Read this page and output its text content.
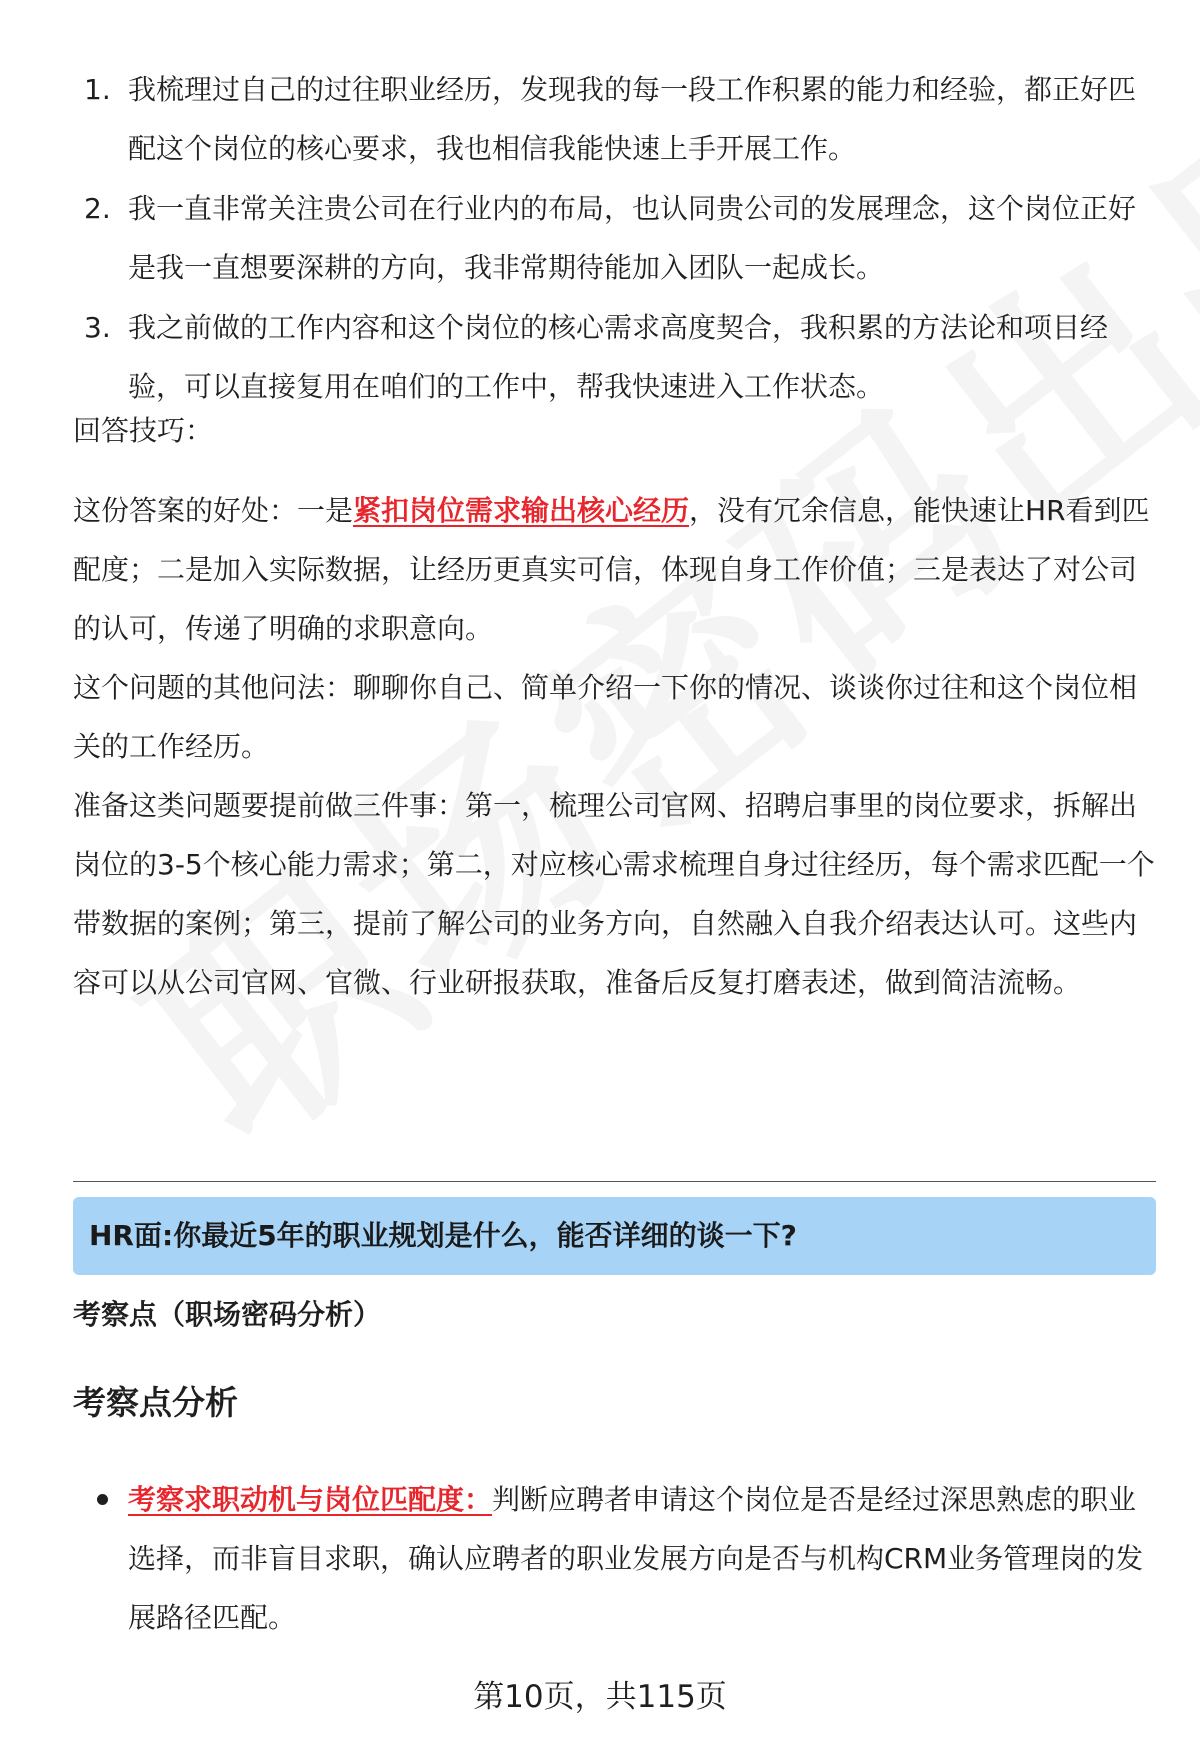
1. 我梳理过自己的过往职业经历，发现我的每一段工作积累的能力和经验，都正好匹配这个岗位的核心要求，我也相信我能快速上手开展工作。
2. 我一直非常关注贵公司在行业内的布局，也认同贵公司的发展理念，这个岗位正好是我一直想要深耕的方向，我非常期待能加入团队一起成长。
3. 我之前做的工作内容和这个岗位的核心需求高度契合，我积累的方法论和项目经验，可以直接复用在咱们的工作中，帮我快速进入工作状态。

回答技巧：

这份答案的好处：一是紧扣岗位需求输出核心经历，没有冗余信息，能快速让HR看到匹配度；二是加入实际数据，让经历更真实可信，体现自身工作价值；三是表达了对公司的认可，传递了明确的求职意向。

这个问题的其他问法：聊聊你自己、简单介绍一下你的情况、谈谈你过往和这个岗位相关的工作经历。

准备这类问题要提前做三件事：第一，梳理公司官网、招聘启事里的岗位要求，拆解出岗位的3-5个核心能力需求；第二，对应核心需求梳理自身过往经历，每个需求匹配一个带数据的案例；第三，提前了解公司的业务方向，自然融入自我介绍表达认可。这些内容可以从公司官网、官微、行业研报获取，准备后反复打磨表述，做到简洁流畅。

HR面:你最近5年的职业规划是什么，能否详细的谈一下?
考察点（职场密码分析）
考察点分析
考察求职动机与岗位匹配度：判断应聘者申请这个岗位是否是经过深思熟虑的职业选择，而非盲目求职，确认应聘者的职业发展方向是否与机构CRM业务管理岗的发展路径匹配。
第10页，共115页
